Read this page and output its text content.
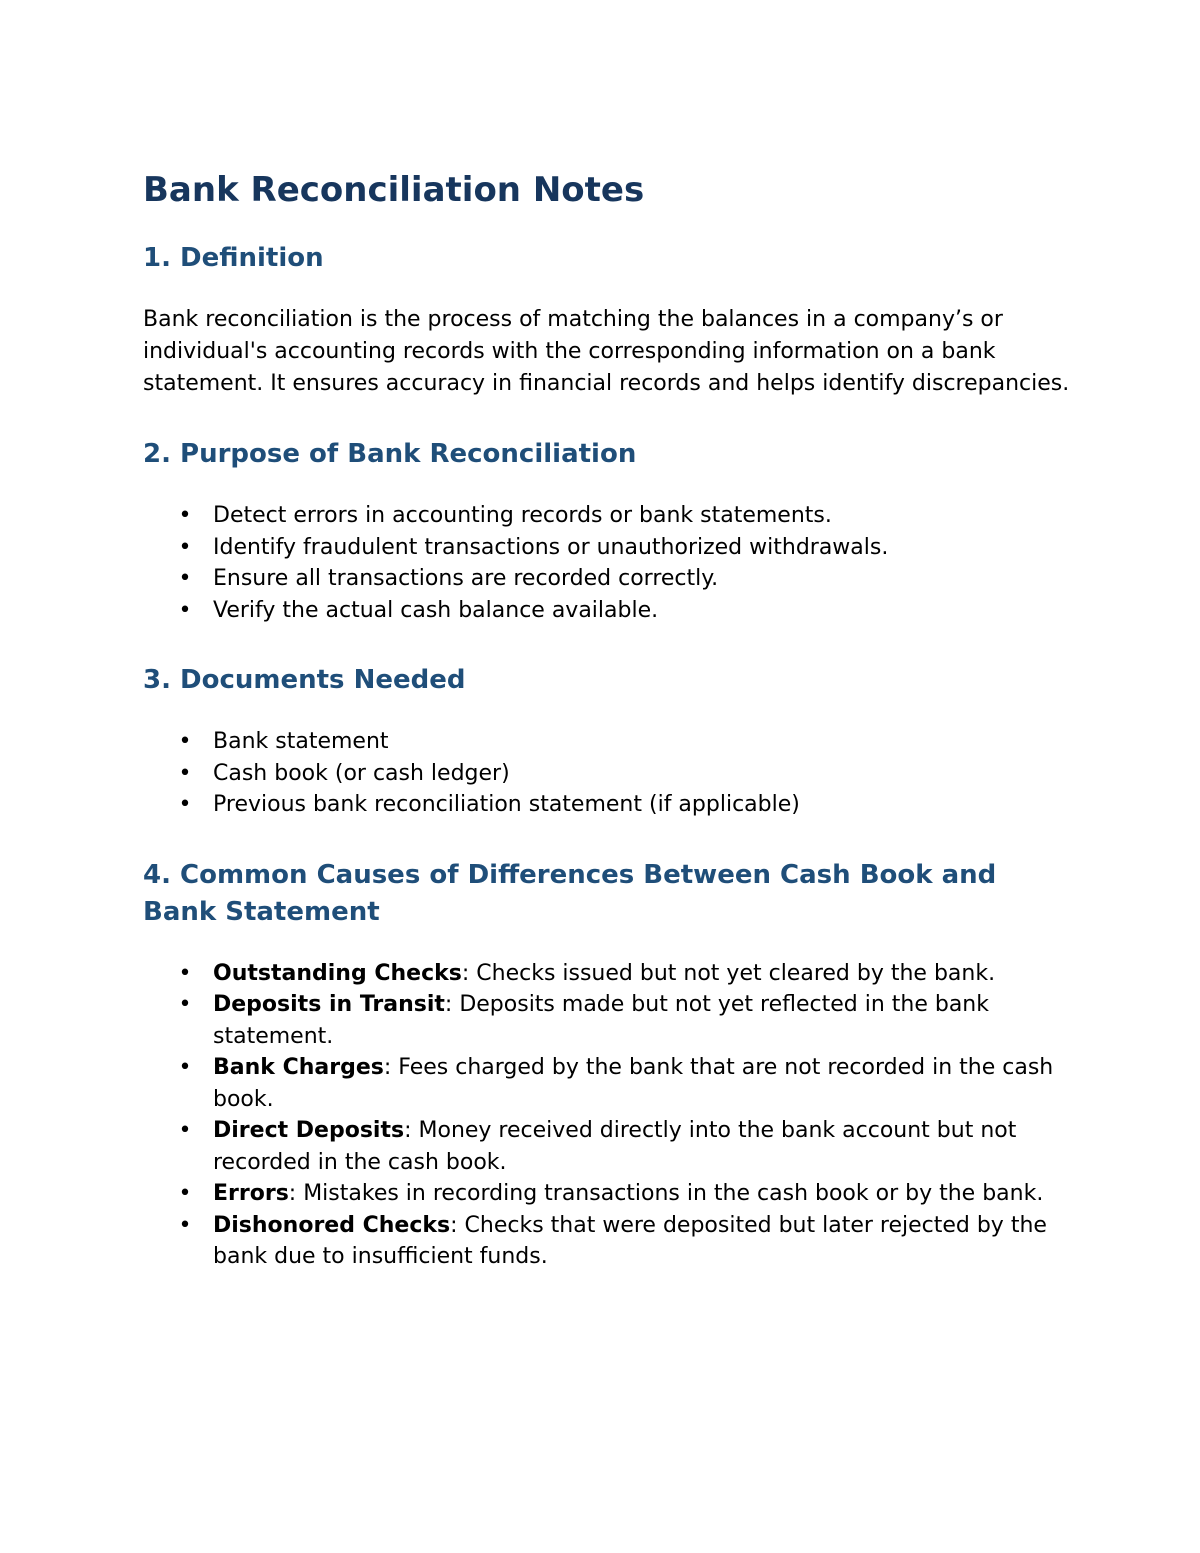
Bank Reconciliation Notes
1. Definition

Bank reconciliation is the process of matching the balances in a company’s or individual's accounting records with the corresponding information on a bank statement. It ensures accuracy in financial records and helps identify discrepancies.

2. Purpose of Bank Reconciliation
• Detect errors in accounting records or bank statements.
• Identify fraudulent transactions or unauthorized withdrawals.
• Ensure all transactions are recorded correctly.
• Verify the actual cash balance available.
3. Documents Needed
• Bank statement
• Cash book (or cash ledger)
• Previous bank reconciliation statement (if applicable)
4. Common Causes of Differences Between Cash Book and Bank Statement
• Outstanding Checks: Checks issued but not yet cleared by the bank.
• Deposits in Transit: Deposits made but not yet reflected in the bank statement.
• Bank Charges: Fees charged by the bank that are not recorded in the cash book.
• Direct Deposits: Money received directly into the bank account but not recorded in the cash book.
• Errors: Mistakes in recording transactions in the cash book or by the bank.
• Dishonored Checks: Checks that were deposited but later rejected by the bank due to insufficient funds.
